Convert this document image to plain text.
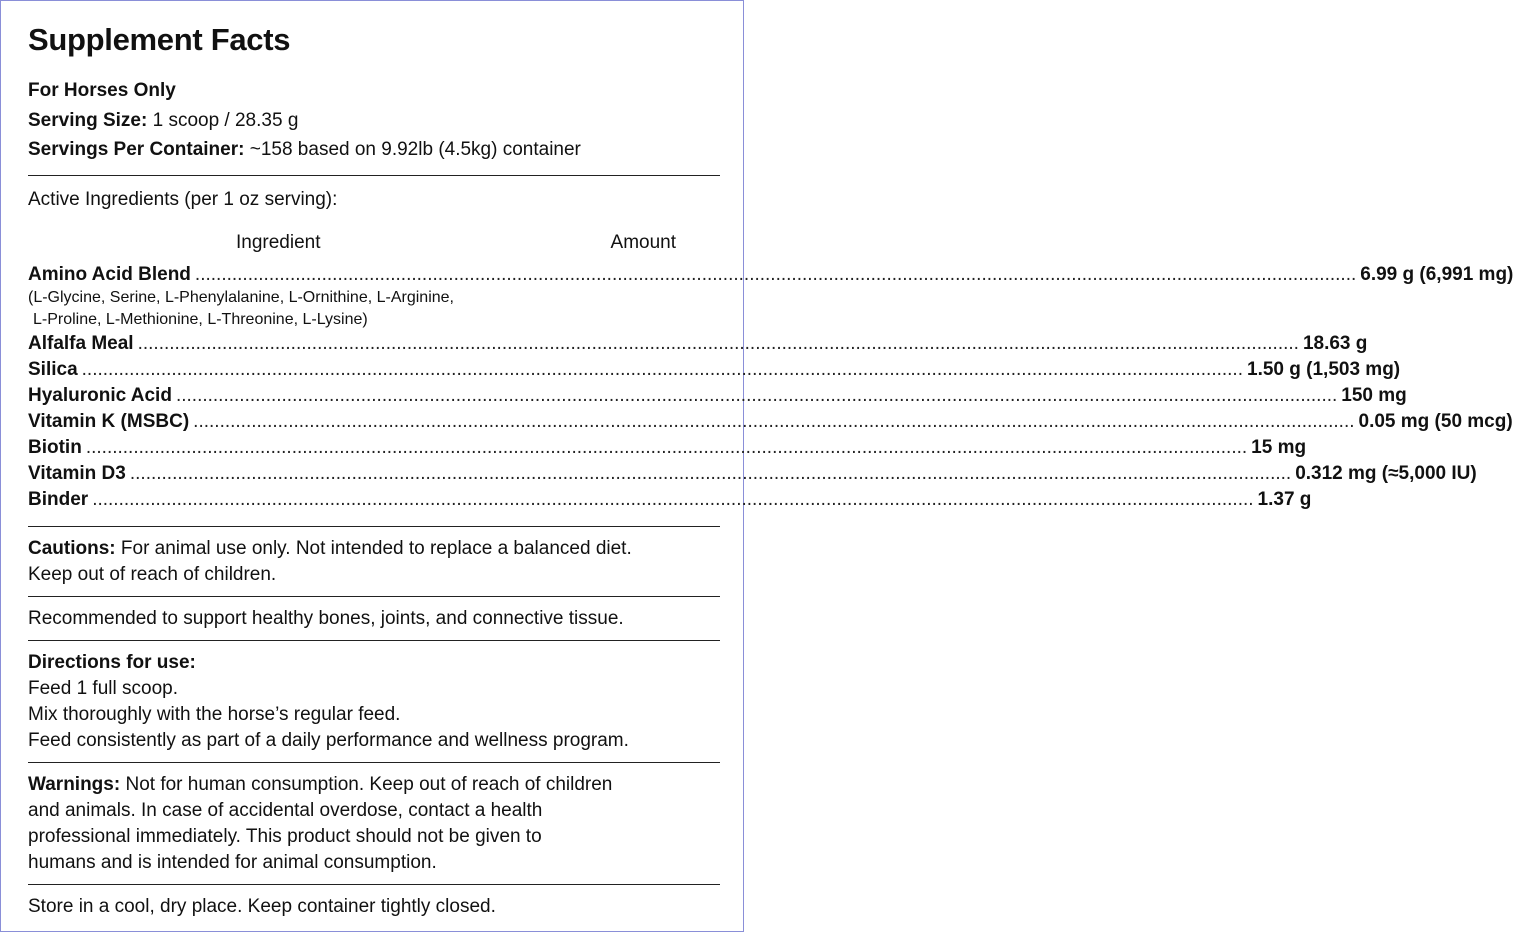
Supplement Facts
For Horses Only
Serving Size: 1 scoop / 28.35 g
Servings Per Container: ~158 based on 9.92lb (4.5kg) container
Active Ingredients (per 1 oz serving):
Ingredient	Amount
Amino Acid Blend ............................................................................................................................................................................................................................ 6.99 g (6,991 mg)
(L-Glycine, Serine, L-Phenylalanine, L-Ornithine, L-Arginine,
L-Proline, L-Methionine, L-Threonine, L-Lysine)
Alfalfa Meal ............................................................................................................................................................................................................................ 18.63 g
Silica ............................................................................................................................................................................................................................ 1.50 g (1,503 mg)
Hyaluronic Acid ............................................................................................................................................................................................................................ 150 mg
Vitamin K (MSBC) ............................................................................................................................................................................................................................ 0.05 mg (50 mcg)
Biotin ............................................................................................................................................................................................................................ 15 mg
Vitamin D3 ............................................................................................................................................................................................................................ 0.312 mg (≈5,000 IU)
Binder ............................................................................................................................................................................................................................ 1.37 g
Cautions: For animal use only. Not intended to replace a balanced diet.
Keep out of reach of children.
Recommended to support healthy bones, joints, and connective tissue.
Directions for use:
Feed 1 full scoop.
Mix thoroughly with the horse’s regular feed.
Feed consistently as part of a daily performance and wellness program.
Warnings: Not for human consumption. Keep out of reach of children
and animals. In case of accidental overdose, contact a health
professional immediately. This product should not be given to
humans and is intended for animal consumption.
Store in a cool, dry place. Keep container tightly closed.
